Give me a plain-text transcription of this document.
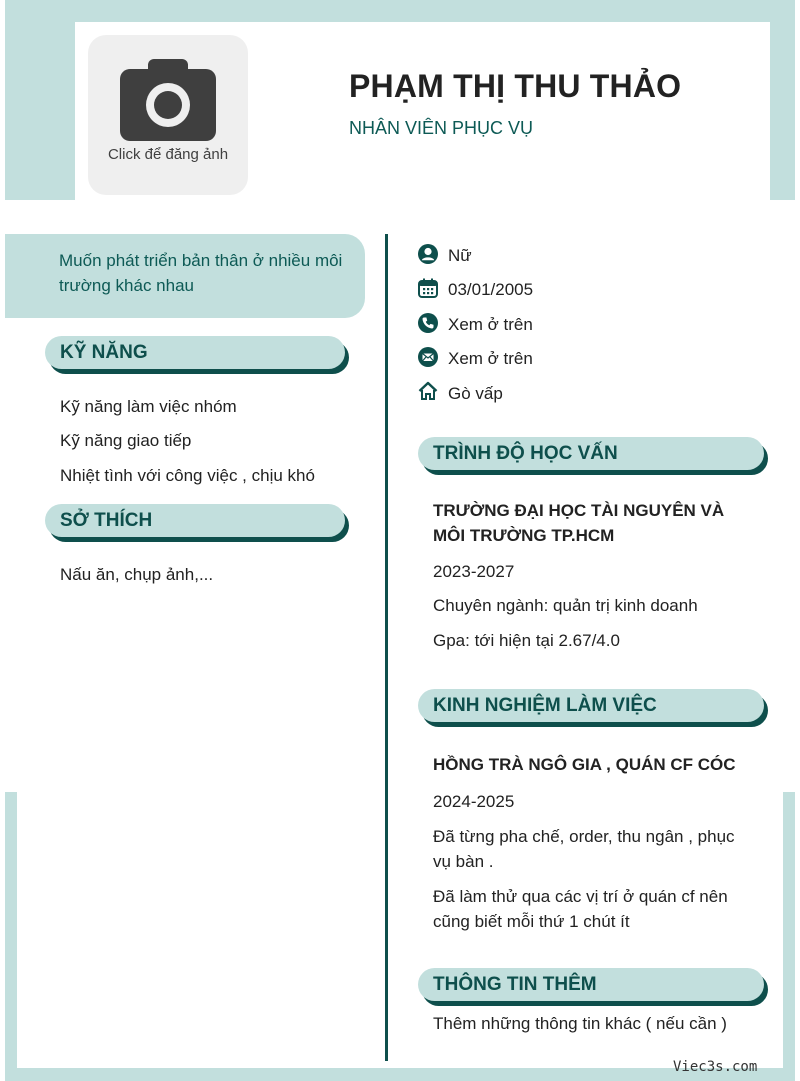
Click để đăng ảnh
PHẠM THỊ THU THẢO
NHÂN VIÊN PHỤC VỤ
Muốn phát triển bản thân ở nhiều môi trường khác nhau
KỸ NĂNG
Kỹ năng làm việc nhóm
Kỹ năng giao tiếp
Nhiệt tình với công việc , chịu khó
SỞ THÍCH
Nấu ăn, chụp ảnh,...
Nữ
03/01/2005
Xem ở trên
Xem ở trên
Gò vấp
TRÌNH ĐỘ HỌC VẤN
TRƯỜNG ĐẠI HỌC TÀI NGUYÊN VÀ MÔI TRƯỜNG TP.HCM
2023-2027
Chuyên ngành: quản trị kinh doanh
Gpa: tới hiện tại 2.67/4.0
KINH NGHIỆM LÀM VIỆC
HỒNG TRÀ NGÔ GIA , QUÁN CF CÓC
2024-2025
Đã từng pha chế, order, thu ngân , phục vụ bàn .
Đã làm thử qua các vị trí ở quán cf nên cũng biết mỗi thứ 1 chút ít
THÔNG TIN THÊM
Thêm những thông tin khác ( nếu cần )
Viec3s.com
